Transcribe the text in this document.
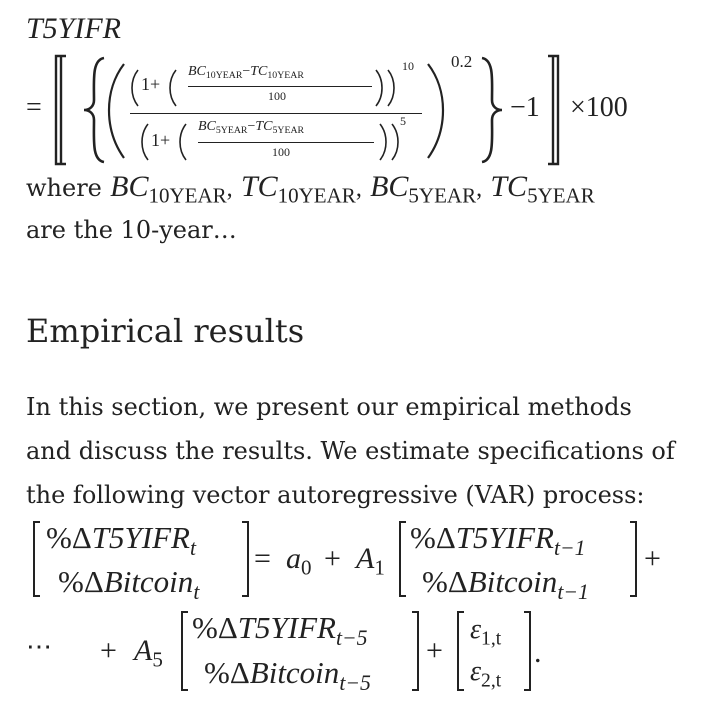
T5YIFR
=
1+
$BC_{10YEAR}-TC_{10YEAR}$
100
10
1+
$BC_{5YEAR}-TC_{5YEAR}$
100
5
0.2
−1 ×100
where $BC_{10YEAR}$, $TC_{10YEAR}$, $BC_{5YEAR}$, $TC_{5YEAR}$
are the 10-year…
Empirical results
In this section, we present our empirical methods
and discuss the results. We estimate specifications of
the following vector autoregressive (VAR) process:
$\%\Delta T5YIFR_t$
%ΔBitcoin$_t$
= $a_0 + A_1$
$\%\Delta T5YIFR_{t-1}$
%ΔBitcoin$_{t-1}$
+
⋯ + $A_5$
$\%\Delta T5YIFR_{t-5}$
%ΔBitcoin$_{t-5}$
+
$\varepsilon_{1,t}$
$\varepsilon_{2,t}$
.
